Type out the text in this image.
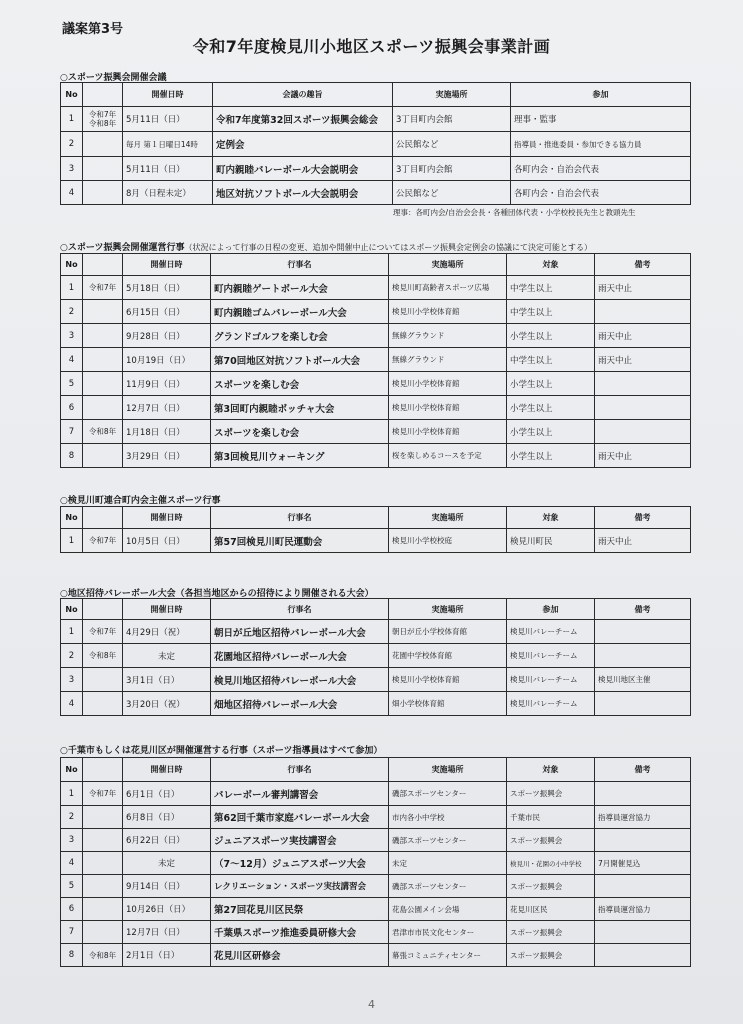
議案第3号
令和7年度検見川小地区スポーツ振興会事業計画
○スポーツ振興会開催会議
No		開催日時	会議の趣旨	実施場所	参加
1	令和7年 令和8年	5月11日（日）	令和7年度第32回スポーツ振興会総会	3丁目町内会館	理事・監事
2		毎月 第１日曜日14時	定例会	公民館など	指導員・推進委員・参加できる協力員
3		5月11日（日）	町内親睦バレーボール大会説明会	3丁目町内会館	各町内会・自治会代表
4		8月（日程未定）	地区対抗ソフトボール大会説明会	公民館など	各町内会・自治会代表
理事：各町内会/自治会会長・各種団体代表・小学校校長先生と教頭先生
○スポーツ振興会開催運営行事（状況によって行事の日程の変更、追加や開催中止についてはスポーツ振興会定例会の協議にて決定可能とする）
No		開催日時	行事名	実施場所	対象	備考
1	令和7年	5月18日（日）	町内親睦ゲートボール大会	検見川町高齢者スポーツ広場	中学生以上	雨天中止
2		6月15日（日）	町内親睦ゴムバレーボール大会	検見川小学校体育館	中学生以上	
3		9月28日（日）	グランドゴルフを楽しむ会	無線グラウンド	小学生以上	雨天中止
4		10月19日（日）	第70回地区対抗ソフトボール大会	無線グラウンド	中学生以上	雨天中止
5		11月9日（日）	スポーツを楽しむ会	検見川小学校体育館	小学生以上	
6		12月7日（日）	第3回町内親睦ボッチャ大会	検見川小学校体育館	小学生以上	
7	令和8年	1月18日（日）	スポーツを楽しむ会	検見川小学校体育館	小学生以上	
8		3月29日（日）	第3回検見川ウォーキング	桜を楽しめるコースを予定	小学生以上	雨天中止
○検見川町連合町内会主催スポーツ行事
No		開催日時	行事名	実施場所	対象	備考
1	令和7年	10月5日（日）	第57回検見川町民運動会	検見川小学校校庭	検見川町民	雨天中止
○地区招待バレーボール大会（各担当地区からの招待により開催される大会）
No		開催日時	行事名	実施場所	参加	備考
1	令和7年	4月29日（祝）	朝日が丘地区招待バレーボール大会	朝日が丘小学校体育館	検見川バレーチーム	
2	令和8年	未定	花園地区招待バレーボール大会	花園中学校体育館	検見川バレーチーム	
3		3月1日（日）	検見川地区招待バレーボール大会	検見川小学校体育館	検見川バレーチーム	検見川地区主催
4		3月20日（祝）	畑地区招待バレーボール大会	畑小学校体育館	検見川バレーチーム	
○千葉市もしくは花見川区が開催運営する行事（スポーツ指導員はすべて参加）
No		開催日時	行事名	実施場所	対象	備考
1	令和7年	6月1日（日）	バレーボール審判講習会	磯部スポーツセンター	スポーツ振興会	
2		6月8日（日）	第62回千葉市家庭バレーボール大会	市内各小中学校	千葉市民	指導員運営協力
3		6月22日（日）	ジュニアスポーツ実技講習会	磯部スポーツセンター	スポーツ振興会	
4		未定	（7～12月）ジュニアスポーツ大会	未定	検見川・花園の小中学校	7月開催見込
5		9月14日（日）	レクリエーション・スポーツ実技講習会	磯部スポーツセンター	スポーツ振興会	
6		10月26日（日）	第27回花見川区民祭	花島公園メイン会場	花見川区民	指導員運営協力
7		12月7日（日）	千葉県スポーツ推進委員研修大会	君津市市民文化センター	スポーツ振興会	
8	令和8年	2月1日（日）	花見川区研修会	幕張コミュニティセンター	スポーツ振興会	
4
